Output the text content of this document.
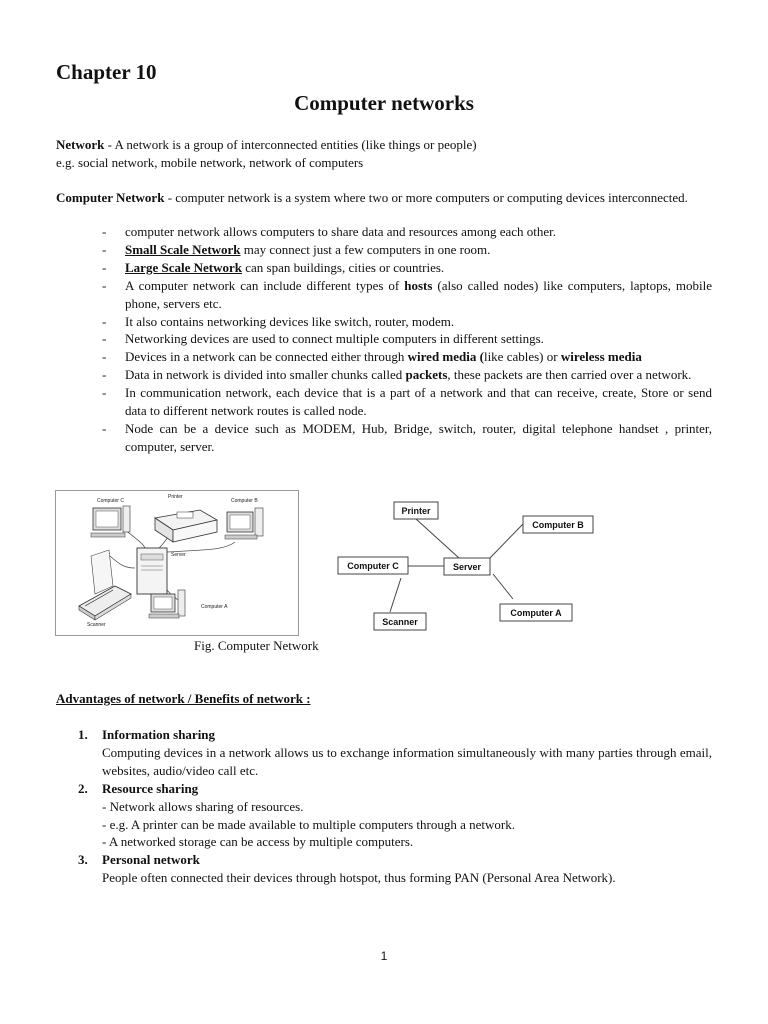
Chapter 10
Computer networks
Network - A network is a group of interconnected entities (like things or people)
e.g. social network, mobile network, network of computers
Computer Network - computer network is a system where two or more computers or computing devices interconnected.
- computer network allows computers to share data and resources among each other.
- Small Scale Network may connect just a few computers in one room.
- Large Scale Network can span buildings, cities or countries.
- A computer network can include different types of hosts (also called nodes) like computers, laptops, mobile phone, servers etc.
- It also contains networking devices like switch, router, modem.
- Networking devices are used to connect multiple computers in different settings.
- Devices in a network can be connected either through wired media (like cables) or wireless media
- Data in network is divided into smaller chunks called packets, these packets are then carried over a network.
- In communication network, each device that is a part of a network and that can receive, create, Store or send data to different network routes is called node.
- Node can be a device such as MODEM, Hub, Bridge, switch, router, digital telephone handset , printer, computer, server.
Computer C
Printer
Computer B
Server
Scanner
Computer A
Printer
Computer B
Computer C	Server
Computer A
Scanner
Fig. Computer Network
Advantages of network / Benefits of network :
1. Information sharing
Computing devices in a network allows us to exchange information simultaneously with many parties through email, websites, audio/video call etc.
2. Resource sharing
- Network allows sharing of resources.
- e.g. A printer can be made available to multiple computers through a network.
- A networked storage can be access by multiple computers.
3. Personal network
People often connected their devices through hotspot, thus forming PAN (Personal Area Network).
1
